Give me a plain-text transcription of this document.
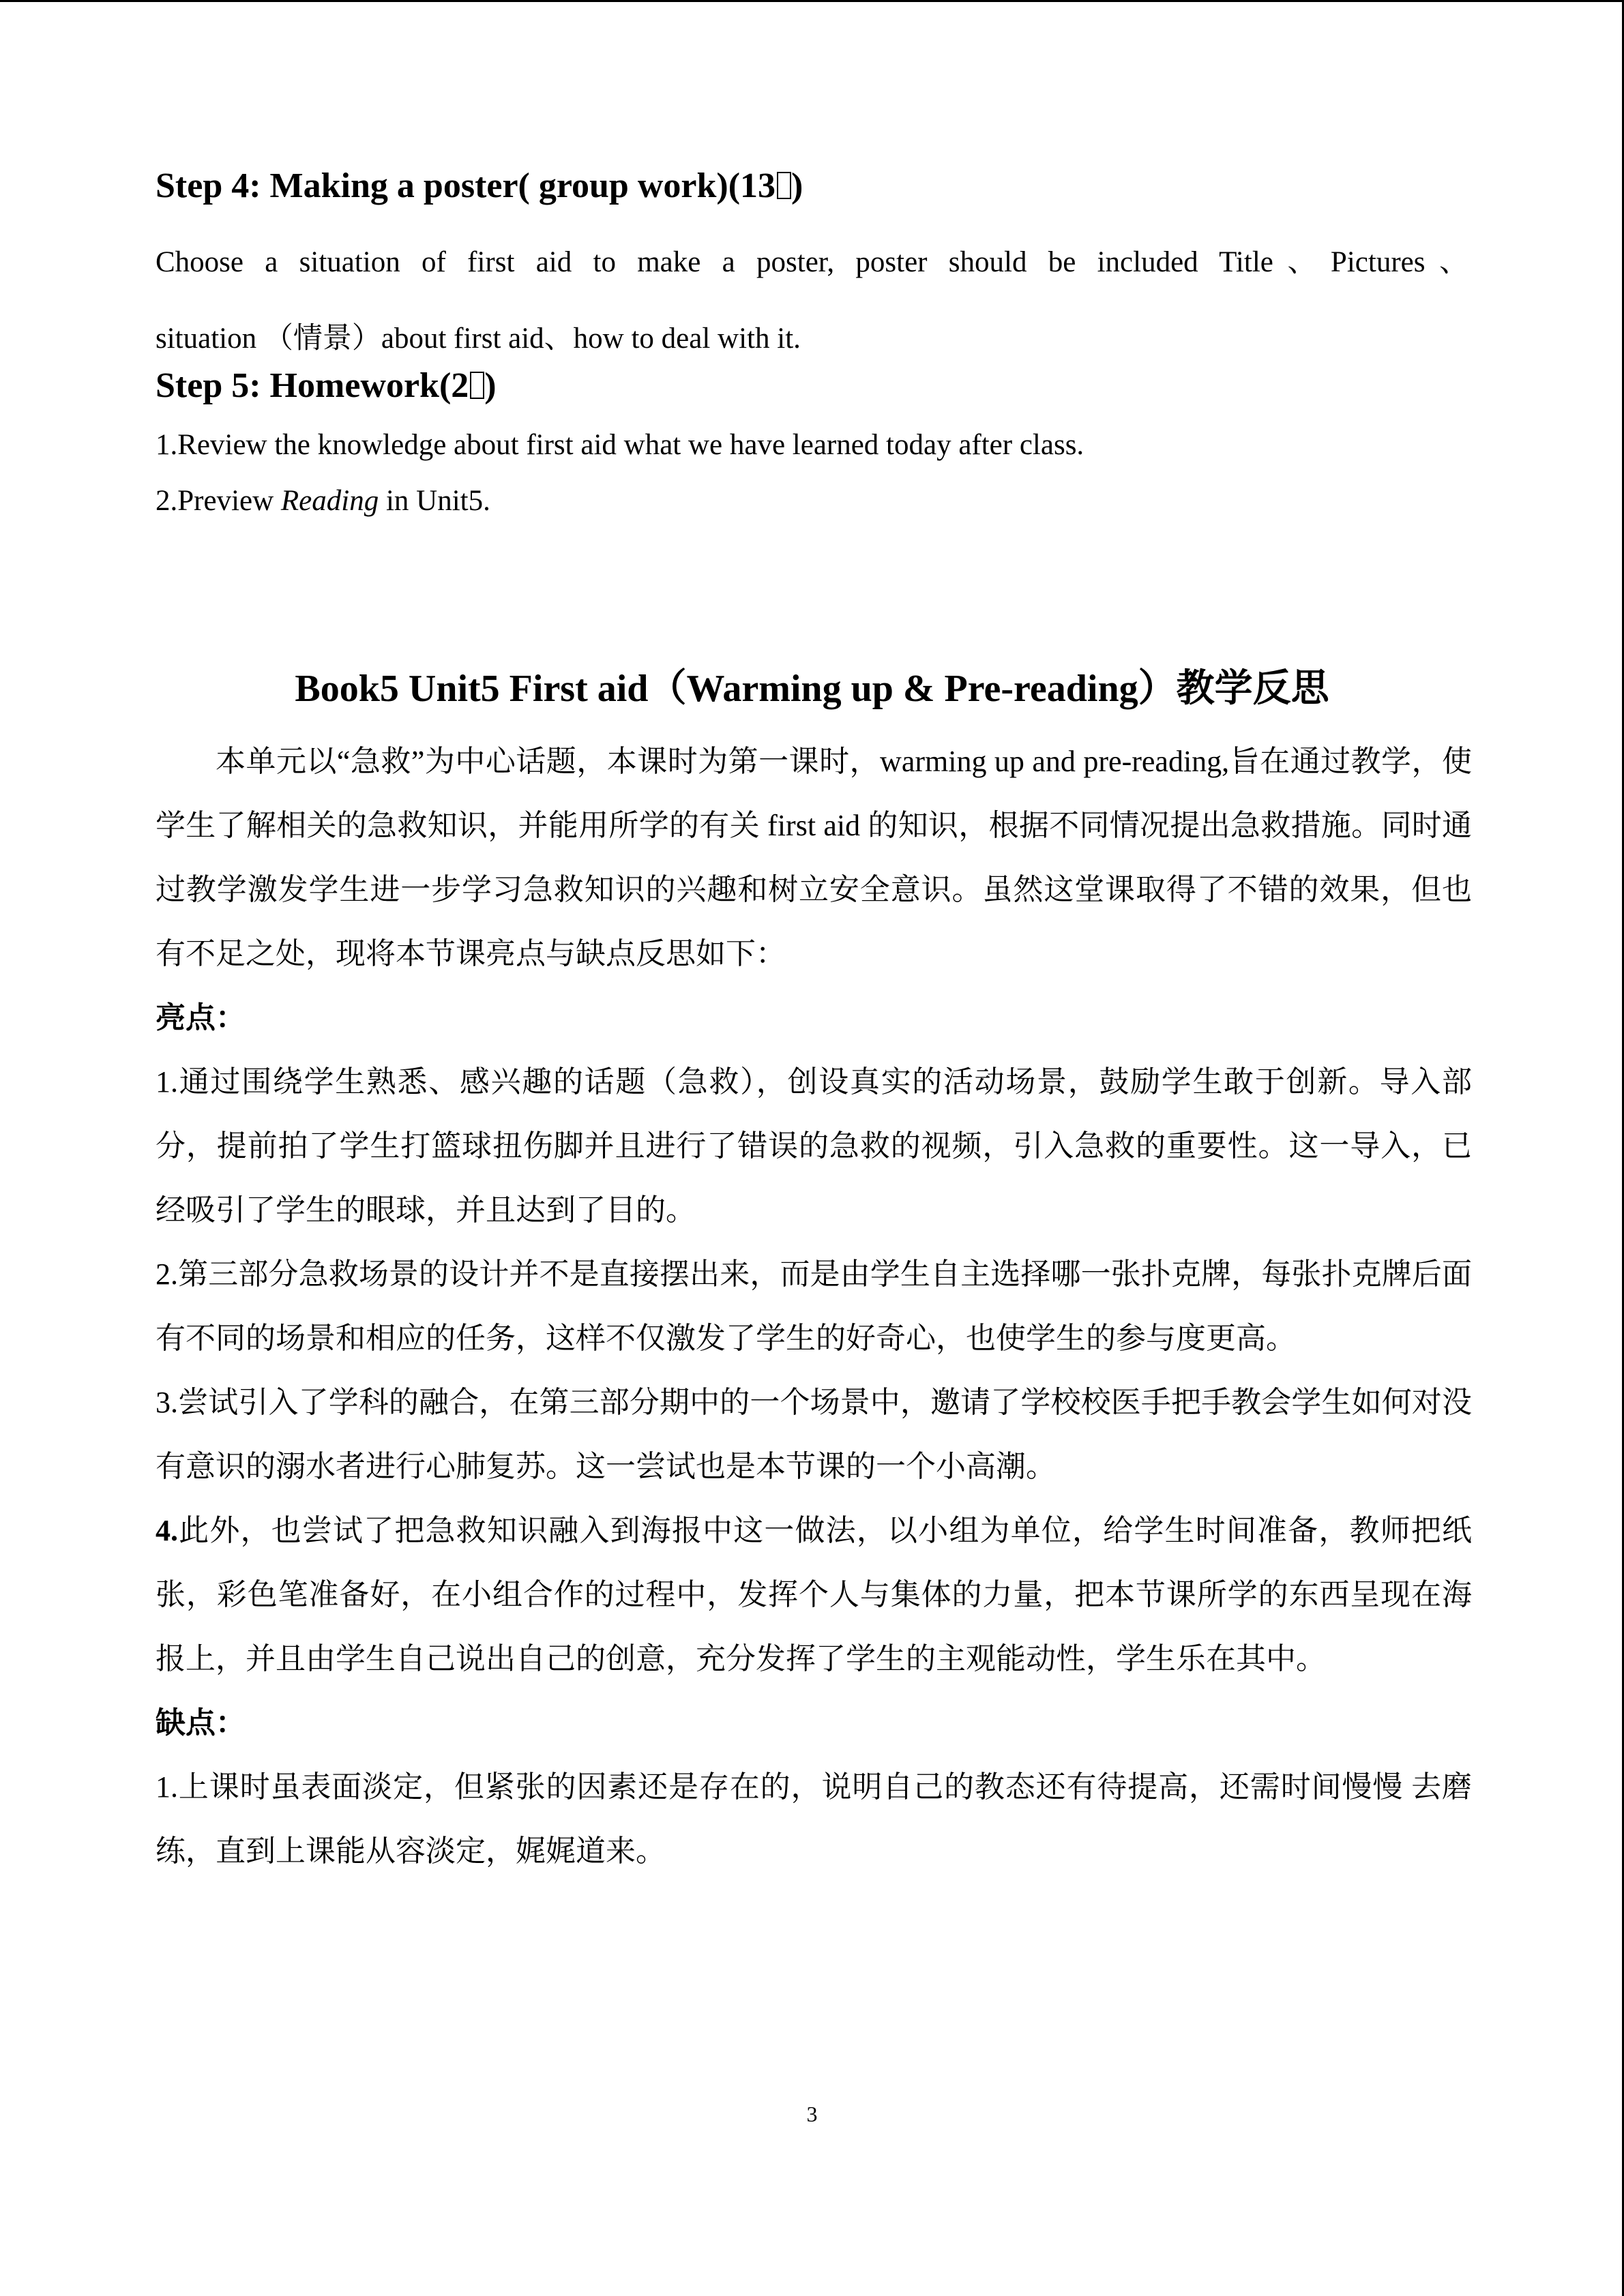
Step 4: Making a poster( group work)(13 )
Choose a situation of first aid to make a poster, poster should be included Title、Pictures、
situation （情景）about first aid、how to deal with it.
Step 5: Homework(2 )
1.Review the knowledge about first aid what we have learned today after class.
2.Preview Reading in Unit5.
Book5 Unit5 First aid（Warming up & Pre-reading）教学反思

本单元以“急救”为中心话题，本课时为第一课时，warming up and pre-reading,旨在通过教学，使学生了解相关的急救知识，并能用所学的有关 first aid 的知识，根据不同情况提出急救措施。同时通过教学激发学生进一步学习急救知识的兴趣和树立安全意识。虽然这堂课取得了不错的效果，但也有不足之处，现将本节课亮点与缺点反思如下：

亮点：

1.通过围绕学生熟悉、感兴趣的话题（急救），创设真实的活动场景，鼓励学生敢于创新。导入部分，提前拍了学生打篮球扭伤脚并且进行了错误的急救的视频，引入急救的重要性。这一导入，已经吸引了学生的眼球，并且达到了目的。

2.第三部分急救场景的设计并不是直接摆出来，而是由学生自主选择哪一张扑克牌，每张扑克牌后面有不同的场景和相应的任务，这样不仅激发了学生的好奇心，也使学生的参与度更高。

3.尝试引入了学科的融合，在第三部分期中的一个场景中，邀请了学校校医手把手教会学生如何对没有意识的溺水者进行心肺复苏。这一尝试也是本节课的一个小高潮。

4.此外，也尝试了把急救知识融入到海报中这一做法，以小组为单位，给学生时间准备，教师把纸张，彩色笔准备好，在小组合作的过程中，发挥个人与集体的力量，把本节课所学的东西呈现在海报上，并且由学生自己说出自己的创意，充分发挥了学生的主观能动性，学生乐在其中。

缺点：

1.上课时虽表面淡定，但紧张的因素还是存在的，说明自己的教态还有待提高，还需时间慢慢 去磨练，直到上课能从容淡定，娓娓道来。

3
